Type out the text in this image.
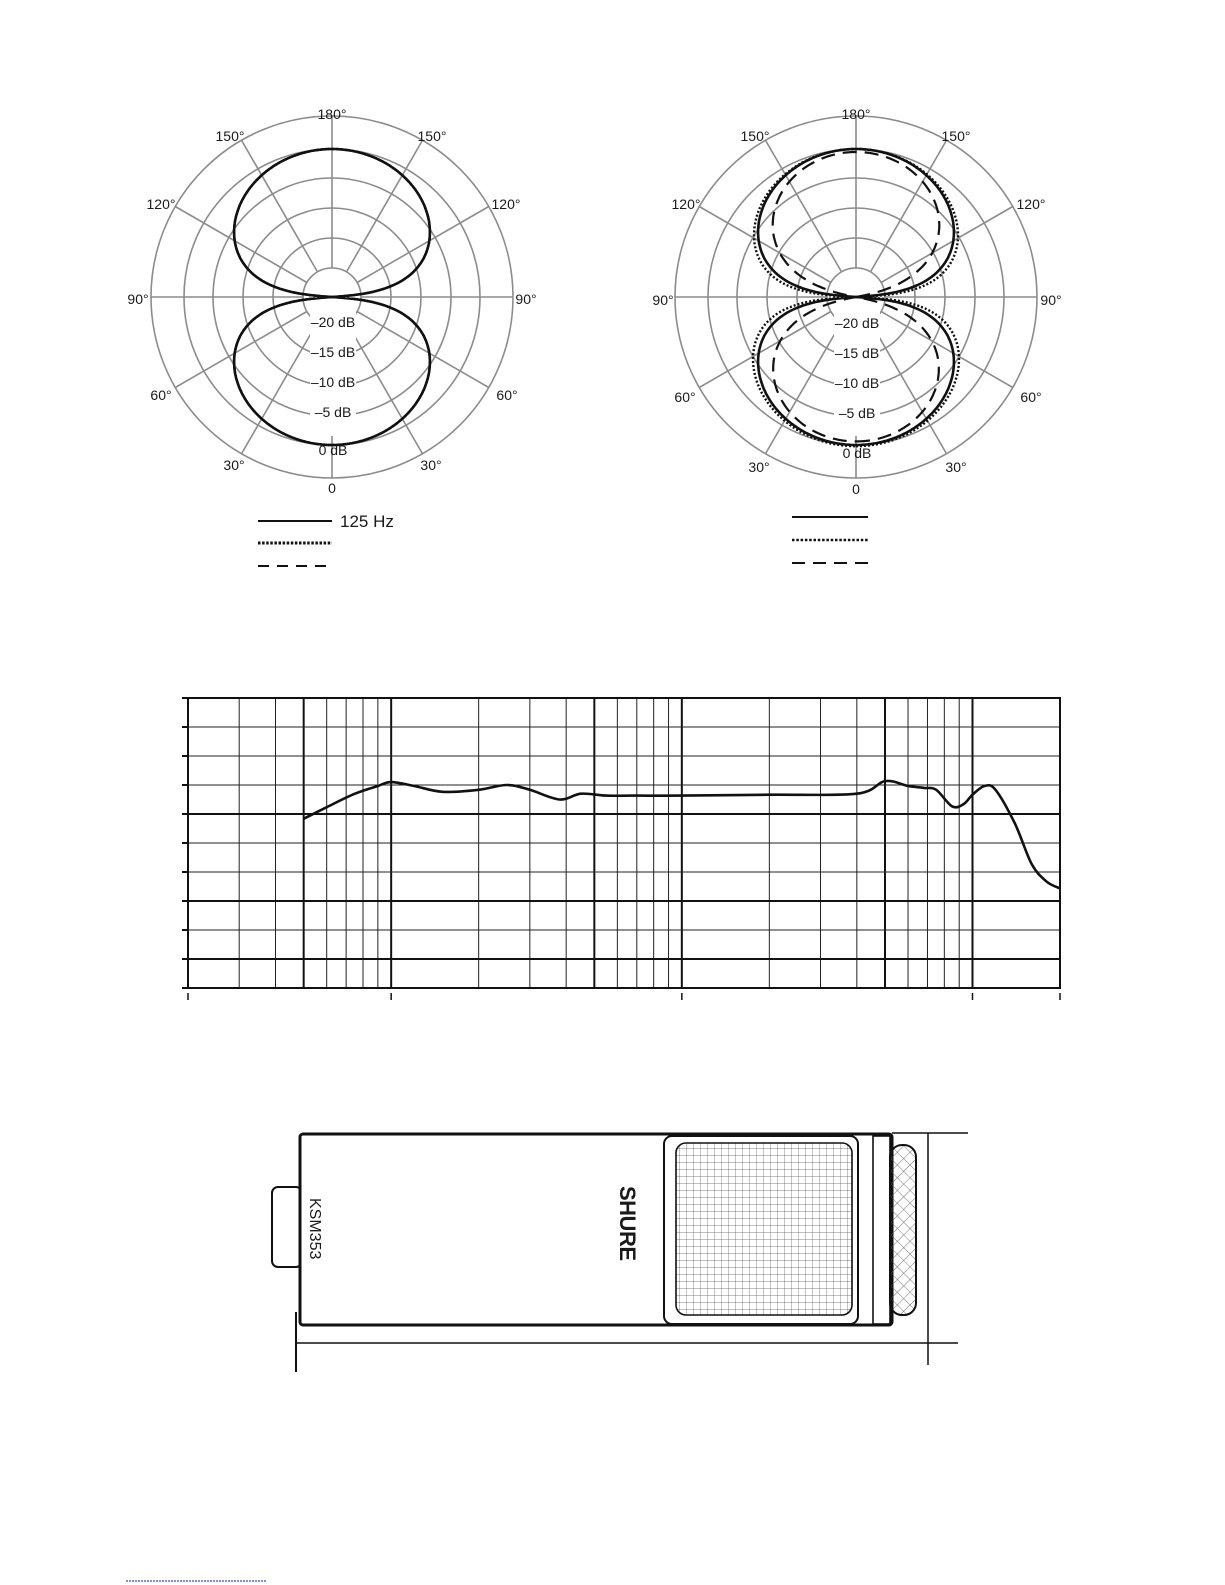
180°
150°	150°
120°	120°
90°	90°
60°	60°
30°	30°
0
–20 dB
–15 dB
–10 dB
–5 dB
0 dB
125 Hz
180°
150°	150°
120°	120°
90°	90°
60°	60°
30°	30°
0
–20 dB
–15 dB
–10 dB
–5 dB
0 dB
KSM353	SHURE
